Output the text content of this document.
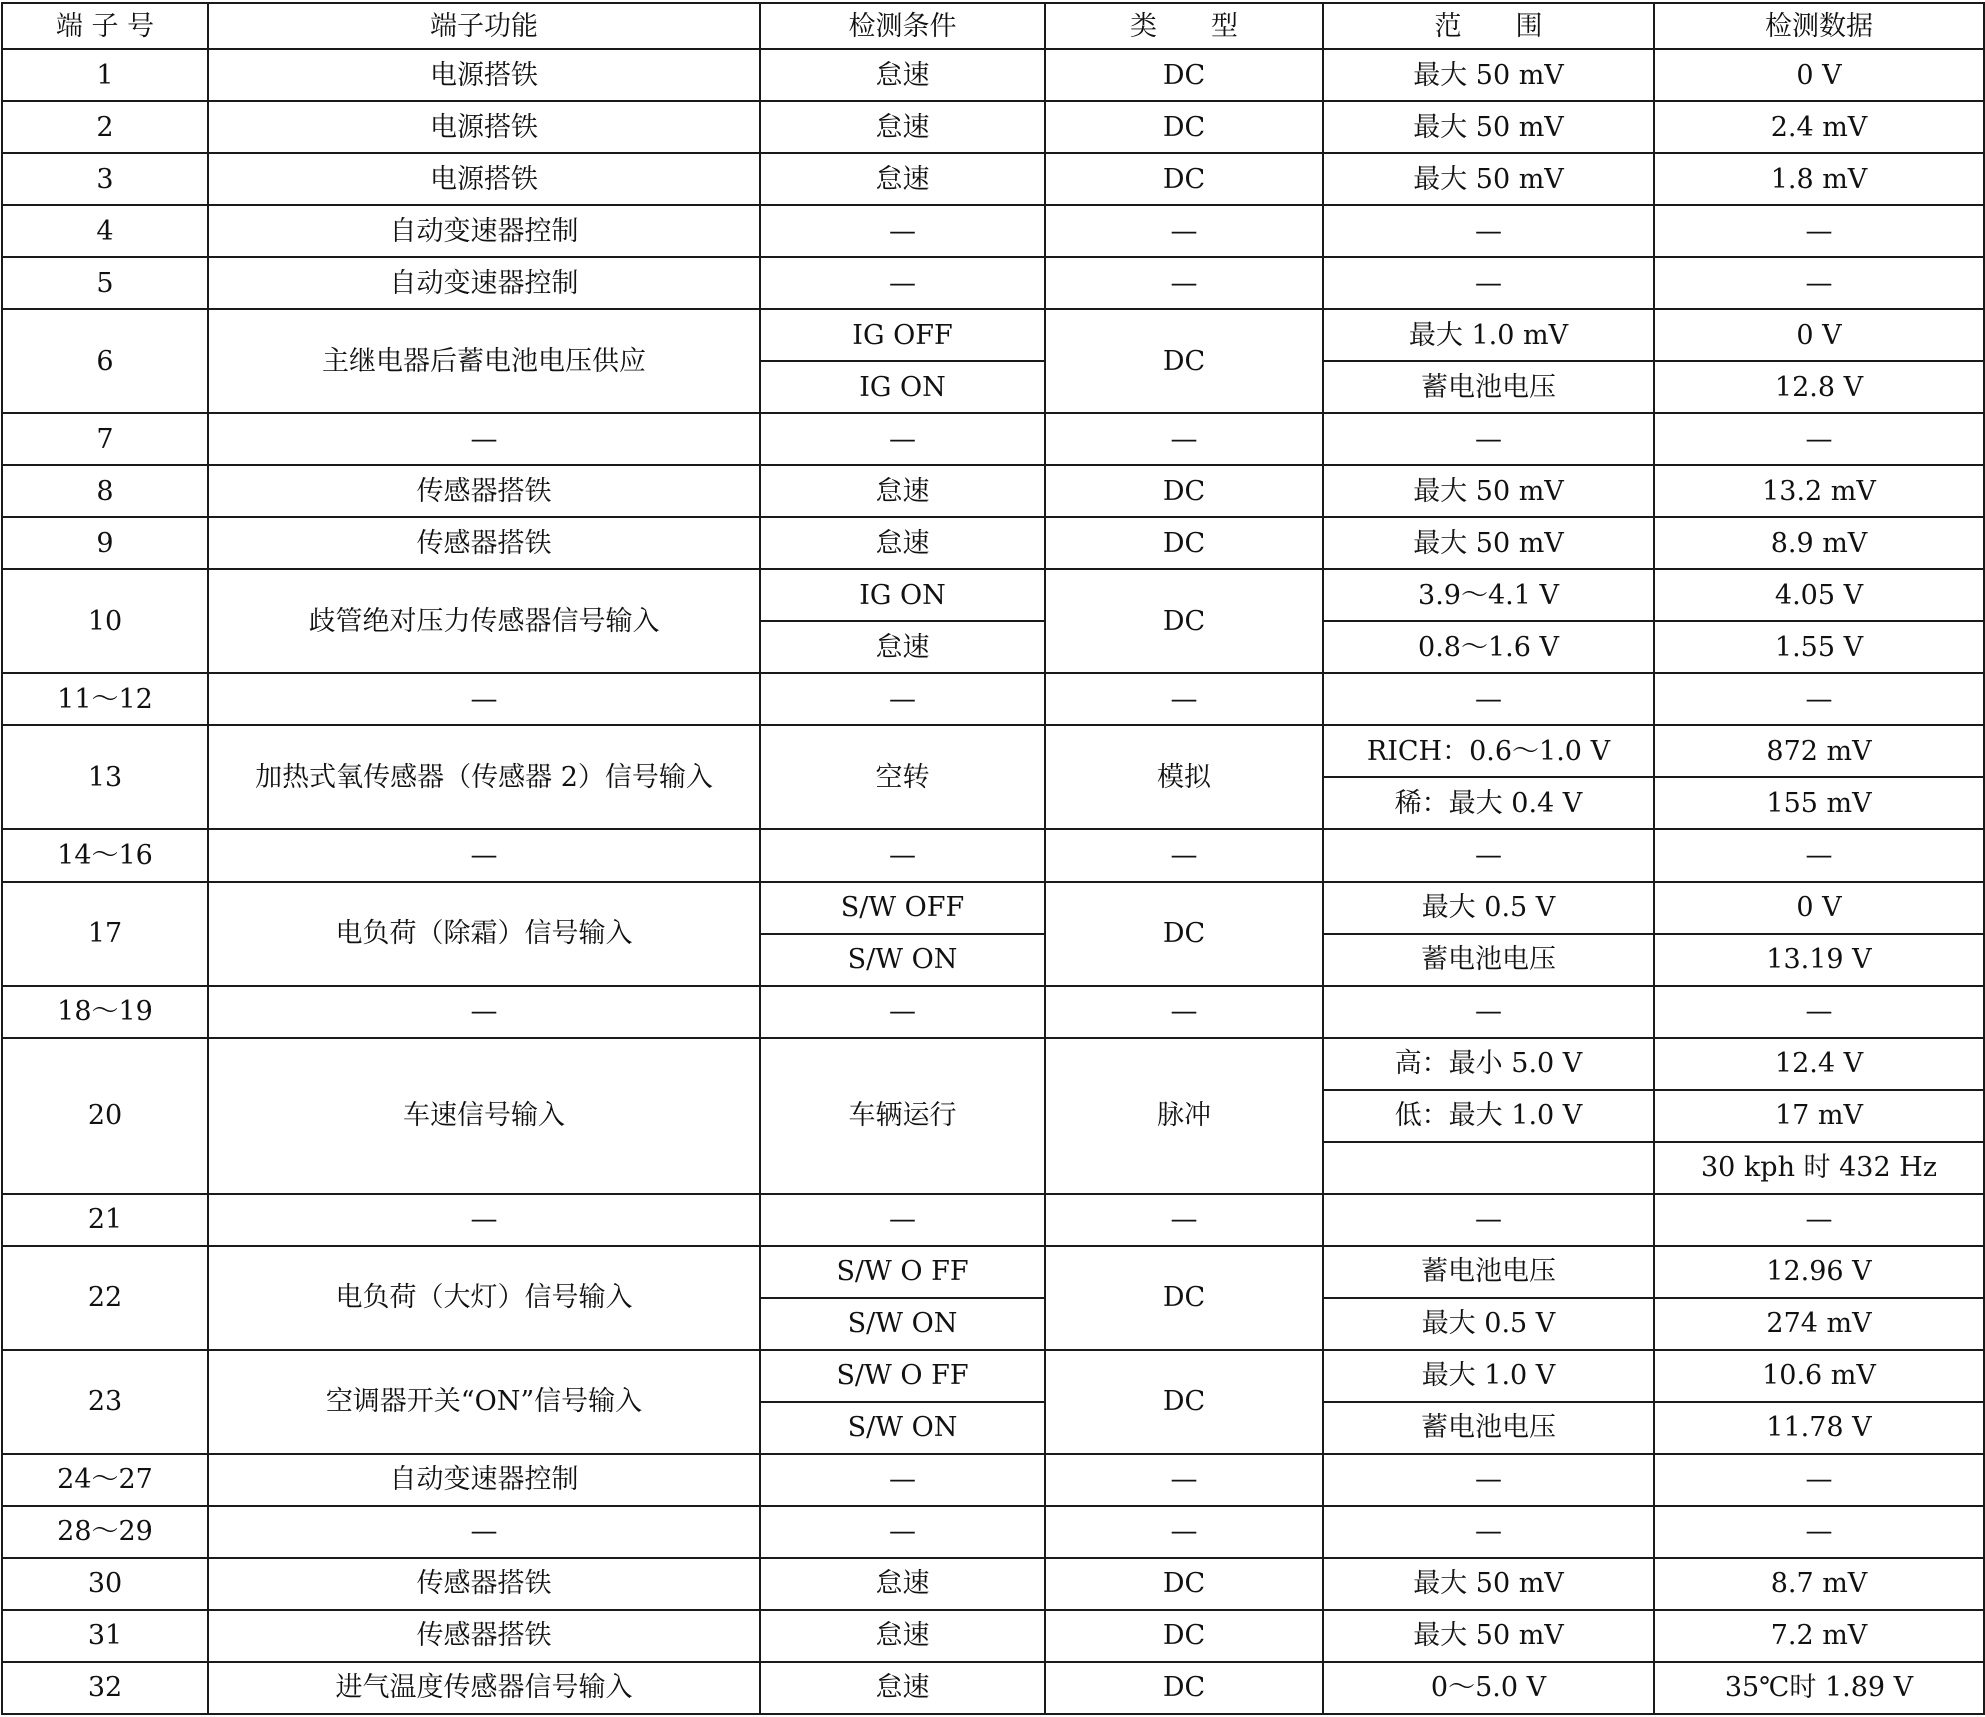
端 子 号	端子功能	检测条件	类　　型	范　　围	检测数据
1	电源搭铁	怠速	DC	最大 50 mV	0 V
2	电源搭铁	怠速	DC	最大 50 mV	2.4 mV
3	电源搭铁	怠速	DC	最大 50 mV	1.8 mV
4	自动变速器控制	—	—	—	—
5	自动变速器控制	—	—	—	—
6	主继电器后蓄电池电压供应	IG OFF	DC	最大 1.0 mV	0 V
		IG ON		蓄电池电压	12.8 V
7	—	—	—	—	—
8	传感器搭铁	怠速	DC	最大 50 mV	13.2 mV
9	传感器搭铁	怠速	DC	最大 50 mV	8.9 mV
10	歧管绝对压力传感器信号输入	IG ON	DC	3.9～4.1 V	4.05 V
		怠速		0.8～1.6 V	1.55 V
11～12	—	—	—	—	—
13	加热式氧传感器（传感器 2）信号输入	空转	模拟	RICH：0.6～1.0 V	872 mV
				稀：最大 0.4 V	155 mV
14～16	—	—	—	—	—
17	电负荷（除霜）信号输入	S/W OFF	DC	最大 0.5 V	0 V
		S/W ON		蓄电池电压	13.19 V
18～19	—	—	—	—	—
20	车速信号输入	车辆运行	脉冲	高：最小 5.0 V	12.4 V
				低：最大 1.0 V	17 mV
					30 kph 时 432 Hz
21	—	—	—	—	—
22	电负荷（大灯）信号输入	S/W O FF	DC	蓄电池电压	12.96 V
		S/W ON		最大 0.5 V	274 mV
23	空调器开关“ON”信号输入	S/W O FF	DC	最大 1.0 V	10.6 mV
		S/W ON		蓄电池电压	11.78 V
24～27	自动变速器控制	—	—	—	—
28～29	—	—	—	—	—
30	传感器搭铁	怠速	DC	最大 50 mV	8.7 mV
31	传感器搭铁	怠速	DC	最大 50 mV	7.2 mV
32	进气温度传感器信号输入	怠速	DC	0～5.0 V	35℃时 1.89 V
